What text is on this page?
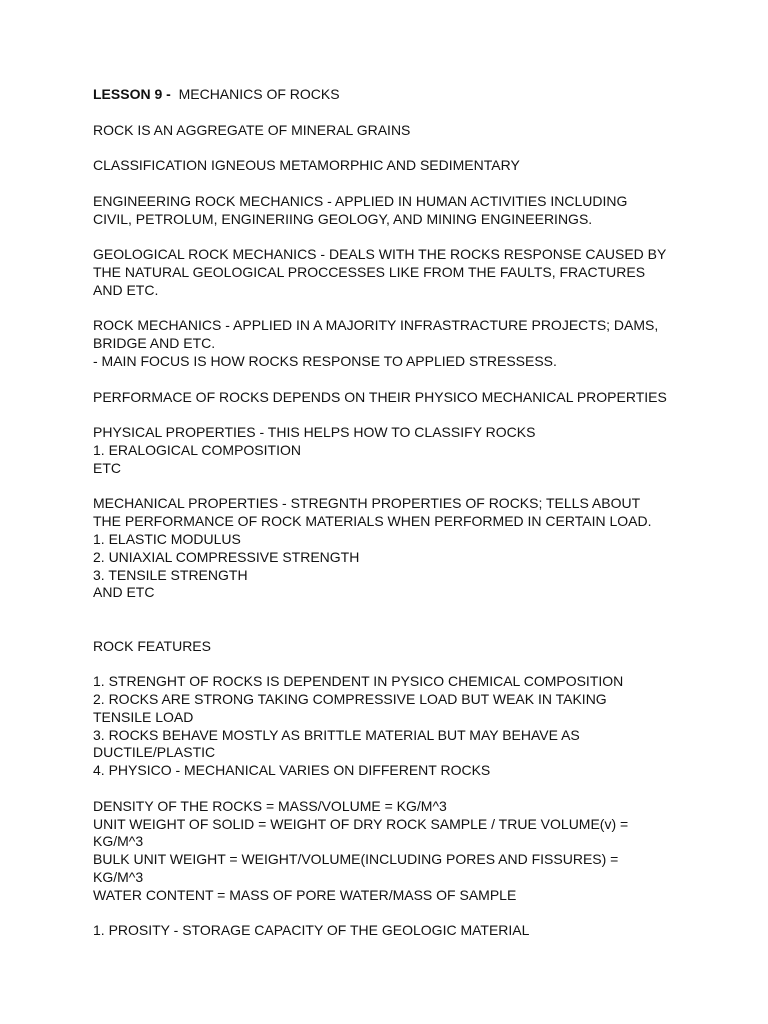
LESSON 9 - MECHANICS OF ROCKS
ROCK IS AN AGGREGATE OF MINERAL GRAINS
CLASSIFICATION IGNEOUS METAMORPHIC AND SEDIMENTARY
ENGINEERING ROCK MECHANICS - APPLIED IN HUMAN ACTIVITIES INCLUDING
CIVIL, PETROLUM, ENGINERIING GEOLOGY, AND MINING ENGINEERINGS.
GEOLOGICAL ROCK MECHANICS - DEALS WITH THE ROCKS RESPONSE CAUSED BY
THE NATURAL GEOLOGICAL PROCCESSES LIKE FROM THE FAULTS, FRACTURES
AND ETC.
ROCK MECHANICS - APPLIED IN A MAJORITY INFRASTRACTURE PROJECTS; DAMS,
BRIDGE AND ETC.
- MAIN FOCUS IS HOW ROCKS RESPONSE TO APPLIED STRESSESS.
PERFORMACE OF ROCKS DEPENDS ON THEIR PHYSICO MECHANICAL PROPERTIES
PHYSICAL PROPERTIES - THIS HELPS HOW TO CLASSIFY ROCKS
1. ERALOGICAL COMPOSITION
ETC
MECHANICAL PROPERTIES - STREGNTH PROPERTIES OF ROCKS; TELLS ABOUT
THE PERFORMANCE OF ROCK MATERIALS WHEN PERFORMED IN CERTAIN LOAD.
1. ELASTIC MODULUS
2. UNIAXIAL COMPRESSIVE STRENGTH
3. TENSILE STRENGTH
AND ETC
ROCK FEATURES
1. STRENGHT OF ROCKS IS DEPENDENT IN PYSICO CHEMICAL COMPOSITION
2. ROCKS ARE STRONG TAKING COMPRESSIVE LOAD BUT WEAK IN TAKING
TENSILE LOAD
3. ROCKS BEHAVE MOSTLY AS BRITTLE MATERIAL BUT MAY BEHAVE AS
DUCTILE/PLASTIC
4. PHYSICO - MECHANICAL VARIES ON DIFFERENT ROCKS
DENSITY OF THE ROCKS = MASS/VOLUME = KG/M^3
UNIT WEIGHT OF SOLID = WEIGHT OF DRY ROCK SAMPLE / TRUE VOLUME(v) =
KG/M^3
BULK UNIT WEIGHT = WEIGHT/VOLUME(INCLUDING PORES AND FISSURES) =
KG/M^3
WATER CONTENT = MASS OF PORE WATER/MASS OF SAMPLE
1. PROSITY - STORAGE CAPACITY OF THE GEOLOGIC MATERIAL
